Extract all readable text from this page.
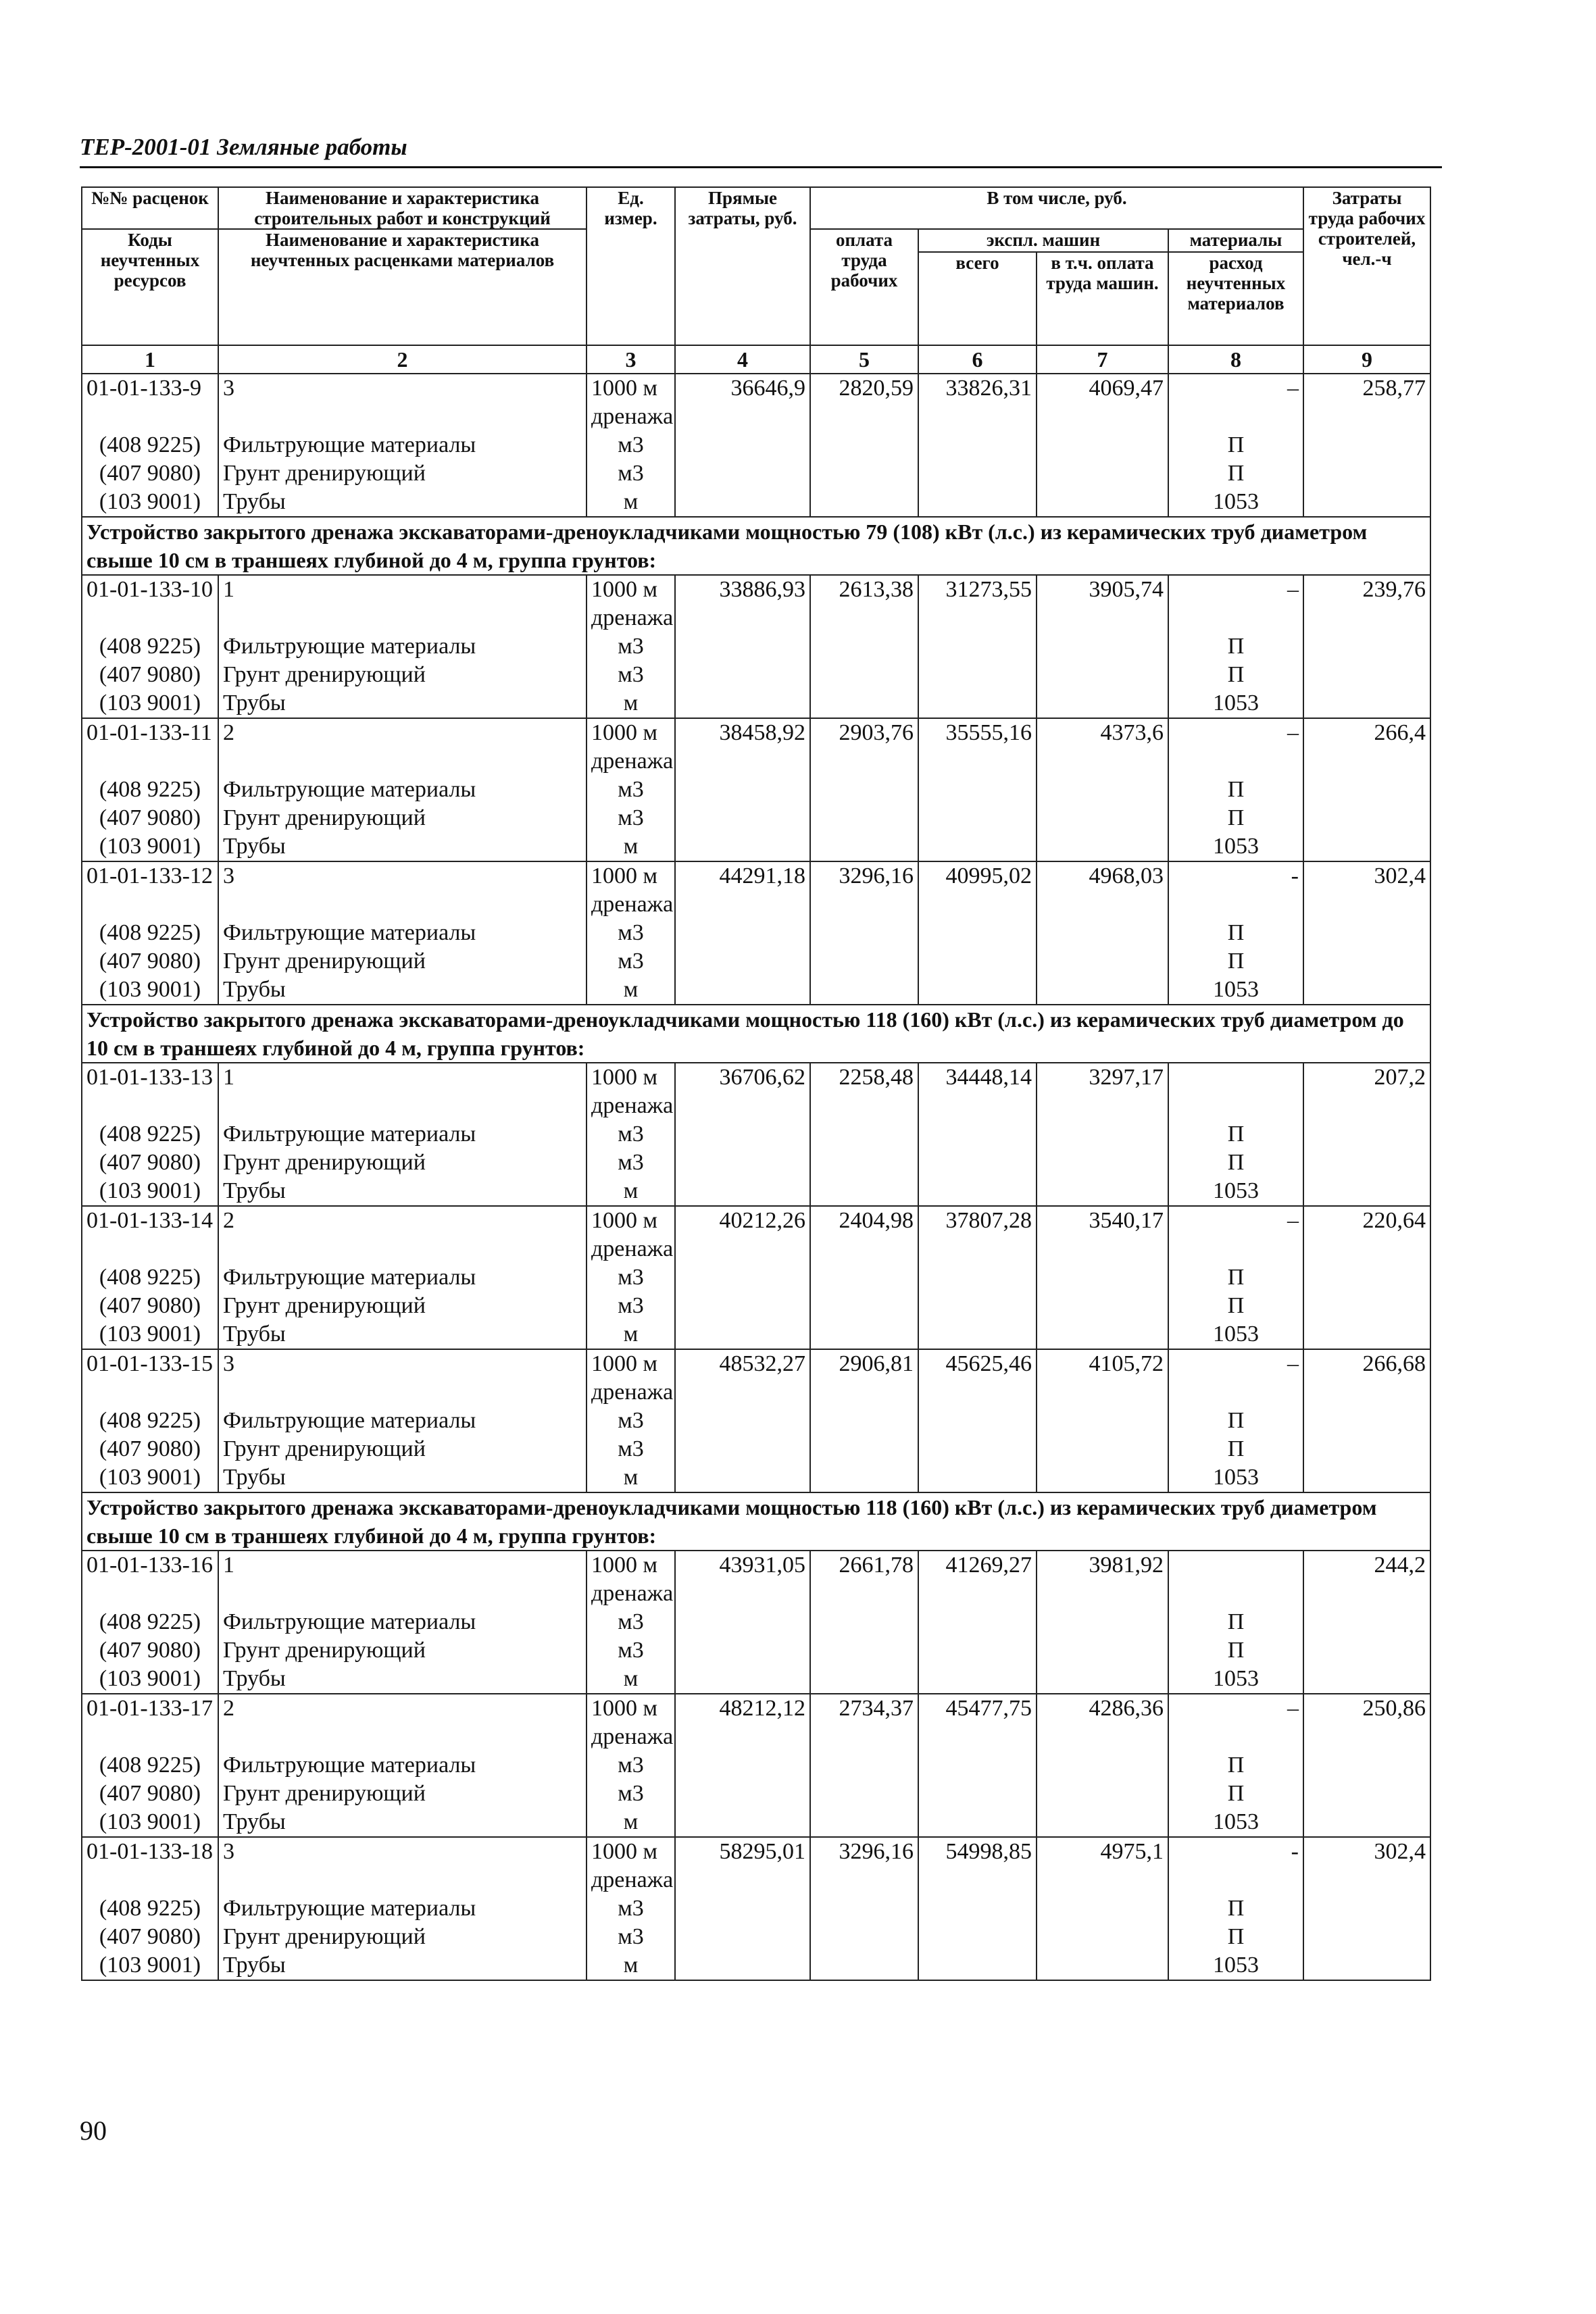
ТЕР-2001-01 Земляные работы
№№ расценок	Наименование и характеристика строительных работ и конструкций	Ед. измер.	Прямые затраты, руб.	В том числе, руб.				Затраты труда рабочих строителей, чел.-ч
Коды неучтенных ресурсов	Наименование и характеристика неучтенных расценками материалов			оплата труда рабочих	экспл. машин		материалы	
					всего	в т.ч. оплата труда машин.	расход неучтенных материалов	
1	2	3	4	5	6	7	8	9
01-01-133-9	3	1000 м дренажа	36646,9	2820,59	33826,31	4069,47	–	258,77
(408 9225)	Фильтрующие материалы	м3					П	
(407 9080)	Грунт дренирующий	м3					П	
(103 9001)	Трубы	м					1053	
Устройство закрытого дренажа экскаваторами-дреноукладчиками мощностью 79 (108) кВт (л.с.) из керамических труб диаметром свыше 10 см в траншеях глубиной до 4 м, группа грунтов:								
01-01-133-10	1	1000 м дренажа	33886,93	2613,38	31273,55	3905,74	–	239,76
(408 9225)	Фильтрующие материалы	м3					П	
(407 9080)	Грунт дренирующий	м3					П	
(103 9001)	Трубы	м					1053	
01-01-133-11	2	1000 м дренажа	38458,92	2903,76	35555,16	4373,6	–	266,4
(408 9225)	Фильтрующие материалы	м3					П	
(407 9080)	Грунт дренирующий	м3					П	
(103 9001)	Трубы	м					1053	
01-01-133-12	3	1000 м дренажа	44291,18	3296,16	40995,02	4968,03	-	302,4
(408 9225)	Фильтрующие материалы	м3					П	
(407 9080)	Грунт дренирующий	м3					П	
(103 9001)	Трубы	м					1053	
Устройство закрытого дренажа экскаваторами-дреноукладчиками мощностью 118 (160) кВт (л.с.) из керамических труб диаметром до 10 см в траншеях глубиной до 4 м, группа грунтов:								
01-01-133-13	1	1000 м дренажа	36706,62	2258,48	34448,14	3297,17		207,2
(408 9225)	Фильтрующие материалы	м3					П	
(407 9080)	Грунт дренирующий	м3					П	
(103 9001)	Трубы	м					1053	
01-01-133-14	2	1000 м дренажа	40212,26	2404,98	37807,28	3540,17	–	220,64
(408 9225)	Фильтрующие материалы	м3					П	
(407 9080)	Грунт дренирующий	м3					П	
(103 9001)	Трубы	м					1053	
01-01-133-15	3	1000 м дренажа	48532,27	2906,81	45625,46	4105,72	–	266,68
(408 9225)	Фильтрующие материалы	м3					П	
(407 9080)	Грунт дренирующий	м3					П	
(103 9001)	Трубы	м					1053	
Устройство закрытого дренажа экскаваторами-дреноукладчиками мощностью 118 (160) кВт (л.с.) из керамических труб диаметром свыше 10 см в траншеях глубиной до 4 м, группа грунтов:								
01-01-133-16	1	1000 м дренажа	43931,05	2661,78	41269,27	3981,92		244,2
(408 9225)	Фильтрующие материалы	м3					П	
(407 9080)	Грунт дренирующий	м3					П	
(103 9001)	Трубы	м					1053	
01-01-133-17	2	1000 м дренажа	48212,12	2734,37	45477,75	4286,36	–	250,86
(408 9225)	Фильтрующие материалы	м3					П	
(407 9080)	Грунт дренирующий	м3					П	
(103 9001)	Трубы	м					1053	
01-01-133-18	3	1000 м дренажа	58295,01	3296,16	54998,85	4975,1	-	302,4
(408 9225)	Фильтрующие материалы	м3					П	
(407 9080)	Грунт дренирующий	м3					П	
(103 9001)	Трубы	м					1053	
90
